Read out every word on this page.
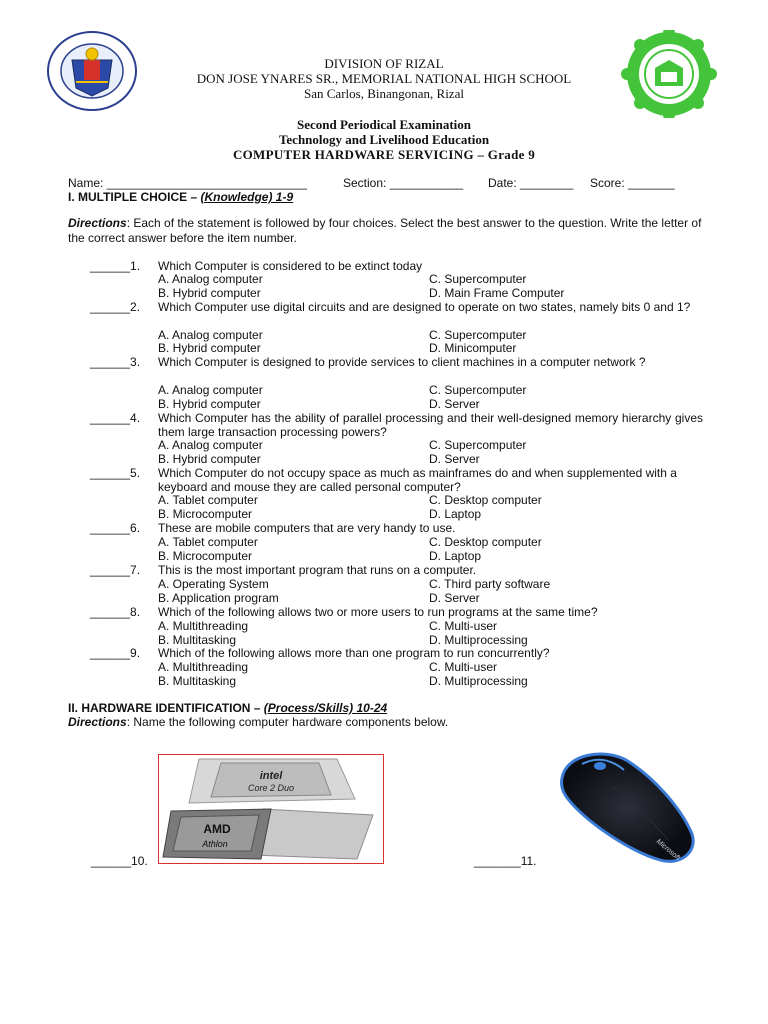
DIVISION OF RIZAL
DON JOSE YNARES SR., MEMORIAL NATIONAL HIGH SCHOOL
San Carlos, Binangonan, Rizal
Second Periodical Examination
Technology and Livelihood Education
COMPUTER HARDWARE SERVICING – Grade 9
Name: ______________________________	Section: ___________ Date: ________ Score: _______
I. MULTIPLE CHOICE – (Knowledge) 1-9
Directions: Each of the statement is followed by four choices. Select the best answer to the question. Write the letter of the correct answer before the item number.
______1. Which Computer is considered to be extinct today
A. Analog computer	C. Supercomputer
B. Hybrid computer	D. Main Frame Computer
______2. Which Computer use digital circuits and are designed to operate on two states, namely bits 0 and 1?
A. Analog computer	C. Supercomputer
B. Hybrid computer	D. Minicomputer
______3. Which Computer is designed to provide services to client machines in a computer network ?
A. Analog computer	C. Supercomputer
B. Hybrid computer	D. Server
______4. Which Computer has the ability of parallel processing and their well-designed memory hierarchy gives them large transaction processing powers?
A. Analog computer	C. Supercomputer
B. Hybrid computer	D. Server
______5. Which Computer do not occupy space as much as mainframes do and when supplemented with a keyboard and mouse they are called personal computer?
A. Tablet computer	C. Desktop computer
B. Microcomputer	D. Laptop
______6. These are mobile computers that are very handy to use.
A. Tablet computer	C. Desktop computer
B. Microcomputer	D. Laptop
______7. This is the most important program that runs on a computer.
A. Operating System	C. Third party software
B. Application program	D. Server
______8. Which of the following allows two or more users to run programs at the same time?
A. Multithreading	C. Multi-user
B. Multitasking	D. Multiprocessing
______9. Which of the following allows more than one program to run concurrently?
A. Multithreading	C. Multi-user
B. Multitasking	D. Multiprocessing
II. HARDWARE IDENTIFICATION – (Process/Skills) 10-24
Directions: Name the following computer hardware components below.
intel
Core 2 Duo
AMD
Athlon	Microsoft
______10.	_______11.
